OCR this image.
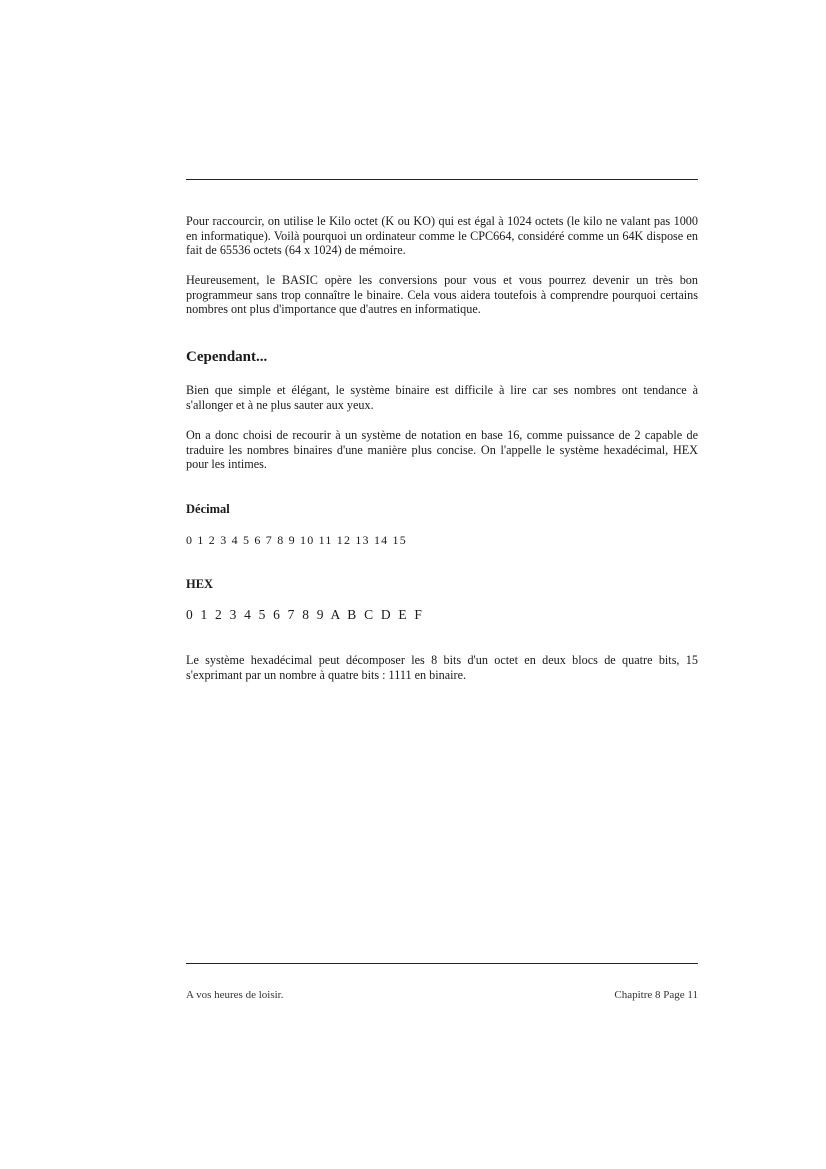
Pour raccourcir, on utilise le Kilo octet (K ou KO) qui est égal à 1024 octets (le kilo ne valant pas 1000 en informatique). Voilà pourquoi un ordinateur comme le CPC664, considéré comme un 64K dispose en fait de 65536 octets (64 x 1024) de mémoire.

Heureusement, le BASIC opère les conversions pour vous et vous pourrez devenir un très bon programmeur sans trop connaître le binaire. Cela vous aidera toutefois à comprendre pourquoi certains nombres ont plus d'importance que d'autres en informatique.

Cependant...

Bien que simple et élégant, le système binaire est difficile à lire car ses nombres ont tendance à s'allonger et à ne plus sauter aux yeux.

On a donc choisi de recourir à un système de notation en base 16, comme puissance de 2 capable de traduire les nombres binaires d'une manière plus concise. On l'appelle le système hexadécimal, HEX pour les intimes.

Décimal

0 1 2 3 4 5 6 7 8 9 10 11 12 13 14 15

HEX

0 1 2 3 4 5 6 7 8 9 A B C D E F

Le système hexadécimal peut décomposer les 8 bits d'un octet en deux blocs de quatre bits, 15 s'exprimant par un nombre à quatre bits : 1111 en binaire.

A vos heures de loisir.	Chapitre 8 Page 11
